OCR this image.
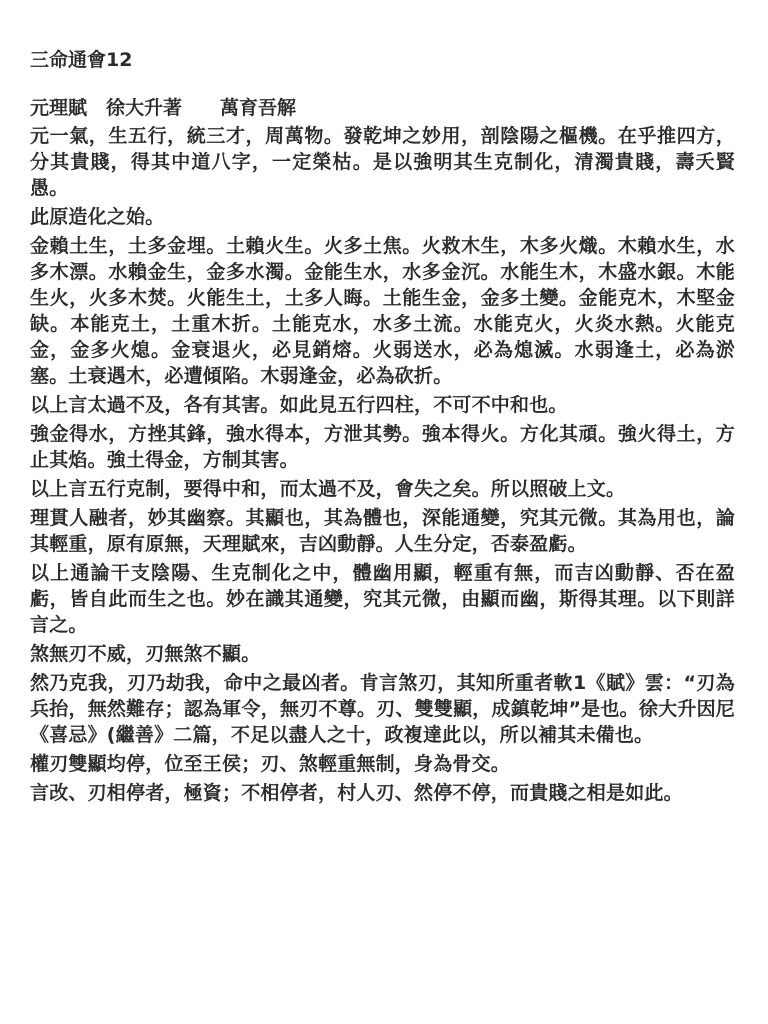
三命通會12
元理賦　徐大升著　　萬育吾解
元一氣，生五行，統三才，周萬物。發乾坤之妙用，剖陰陽之樞機。在乎推四方，分其貴賤，得其中道八字，一定榮枯。是以強明其生克制化，清濁貴賤，壽夭賢愚。
此原造化之始。
金賴土生，土多金埋。土賴火生。火多土焦。火救木生，木多火熾。木賴水生，水多木漂。水賴金生，金多水濁。金能生水，水多金沉。水能生木，木盛水銀。木能生火，火多木焚。火能生土，土多人晦。土能生金，金多土變。金能克木，木堅金缺。本能克土，土重木折。土能克水，水多土流。水能克火，火炎水熱。火能克金，金多火熄。金衰退火，必見銷熔。火弱送水，必為熄滅。水弱逢土，必為淤塞。土衰遇木，必遭傾陷。木弱逢金，必為砍折。
以上言太過不及，各有其害。如此見五行四柱，不可不中和也。
強金得水，方挫其鋒，強水得本，方泄其勢。強本得火。方化其頑。強火得土，方止其焰。強土得金，方制其害。
以上言五行克制，要得中和，而太過不及，會失之矣。所以照破上文。
理貫人融者，妙其幽察。其顯也，其為體也，深能通變，究其元微。其為用也，論其輕重，原有原無，天理賦來，吉凶動靜。人生分定，否泰盈虧。
以上通論干支陰陽、生克制化之中，體幽用顯，輕重有無，而吉凶動靜、否在盈虧，皆自此而生之也。妙在識其通變，究其元微，由顯而幽，斯得其理。以下則詳言之。
煞無刃不威，刃無煞不顯。
然乃克我，刃乃劫我，命中之最凶者。肯言煞刃，其知所重者軟1《賦》雲：“刃為兵抬，無然難存；認為軍令，無刃不尊。刃、雙雙顯，成鎮乾坤”是也。徐大升因尼《喜忌》(繼善》二篇，不足以盡人之十，政複達此以，所以補其未備也。
權刃雙顯均停，位至王侯；刃、煞輕重無制，身為骨交。
言改、刃相停者，極資；不相停者，村人刃、然停不停，而貴賤之相是如此。
